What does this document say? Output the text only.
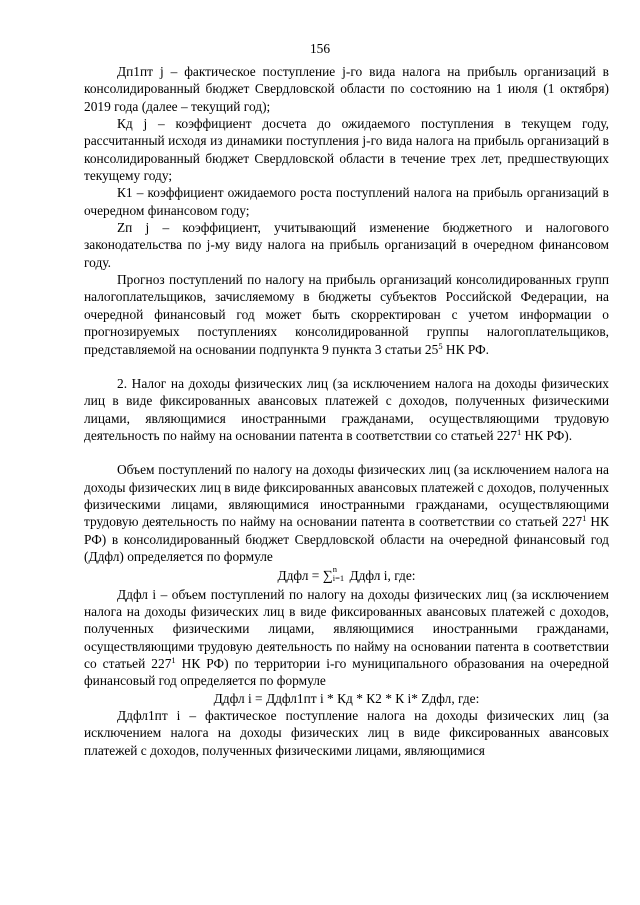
156

Дп1пт j – фактическое поступление j-го вида налога на прибыль организаций в консолидированный бюджет Свердловской области по состоянию на 1 июля (1 октября) 2019 года (далее – текущий год);

Кд j – коэффициент досчета до ожидаемого поступления в текущем году, рассчитанный исходя из динамики поступления j-го вида налога на прибыль организаций в консолидированный бюджет Свердловской области в течение трех лет, предшествующих текущему году;

К1 – коэффициент ожидаемого роста поступлений налога на прибыль организаций в очередном финансовом году;

Zп j – коэффициент, учитывающий изменение бюджетного и налогового законодательства по j-му виду налога на прибыль организаций в очередном финансовом году.

Прогноз поступлений по налогу на прибыль организаций консолидированных групп налогоплательщиков, зачисляемому в бюджеты субъектов Российской Федерации, на очередной финансовый год может быть скорректирован с учетом информации о прогнозируемых поступлениях консолидированной группы налогоплательщиков, представляемой на основании подпункта 9 пункта 3 статьи $25^5$ НК РФ.

2. Налог на доходы физических лиц (за исключением налога на доходы физических лиц в виде фиксированных авансовых платежей с доходов, полученных физическими лицами, являющимися иностранными гражданами, осуществляющими трудовую деятельность по найму на основании патента в соответствии со статьей $227^1$ НК РФ).

Объем поступлений по налогу на доходы физических лиц (за исключением налога на доходы физических лиц в виде фиксированных авансовых платежей с доходов, полученных физическими лицами, являющимися иностранными гражданами, осуществляющими трудовую деятельность по найму на основании патента в соответствии со статьей $227^1$ НК РФ) в консолидированный бюджет Свердловской области на очередной финансовый год (Ддфл) определяется по формуле

Ддфл = ∑ n
i=1 Ддфл i, где:

Ддфл i – объем поступлений по налогу на доходы физических лиц (за исключением налога на доходы физических лиц в виде фиксированных авансовых платежей с доходов, полученных физическими лицами, являющимися иностранными гражданами, осуществляющими трудовую деятельность по найму на основании патента в соответствии со статьей $227^1$ НК РФ) по территории i-го муниципального образования на очередной финансовый год определяется по формуле

Ддфл i = Ддфл1пт i * Кд * К2 * К i* Zдфл, где:

Ддфл1пт i – фактическое поступление налога на доходы физических лиц (за исключением налога на доходы физических лиц в виде фиксированных авансовых платежей с доходов, полученных физическими лицами, являющимися
